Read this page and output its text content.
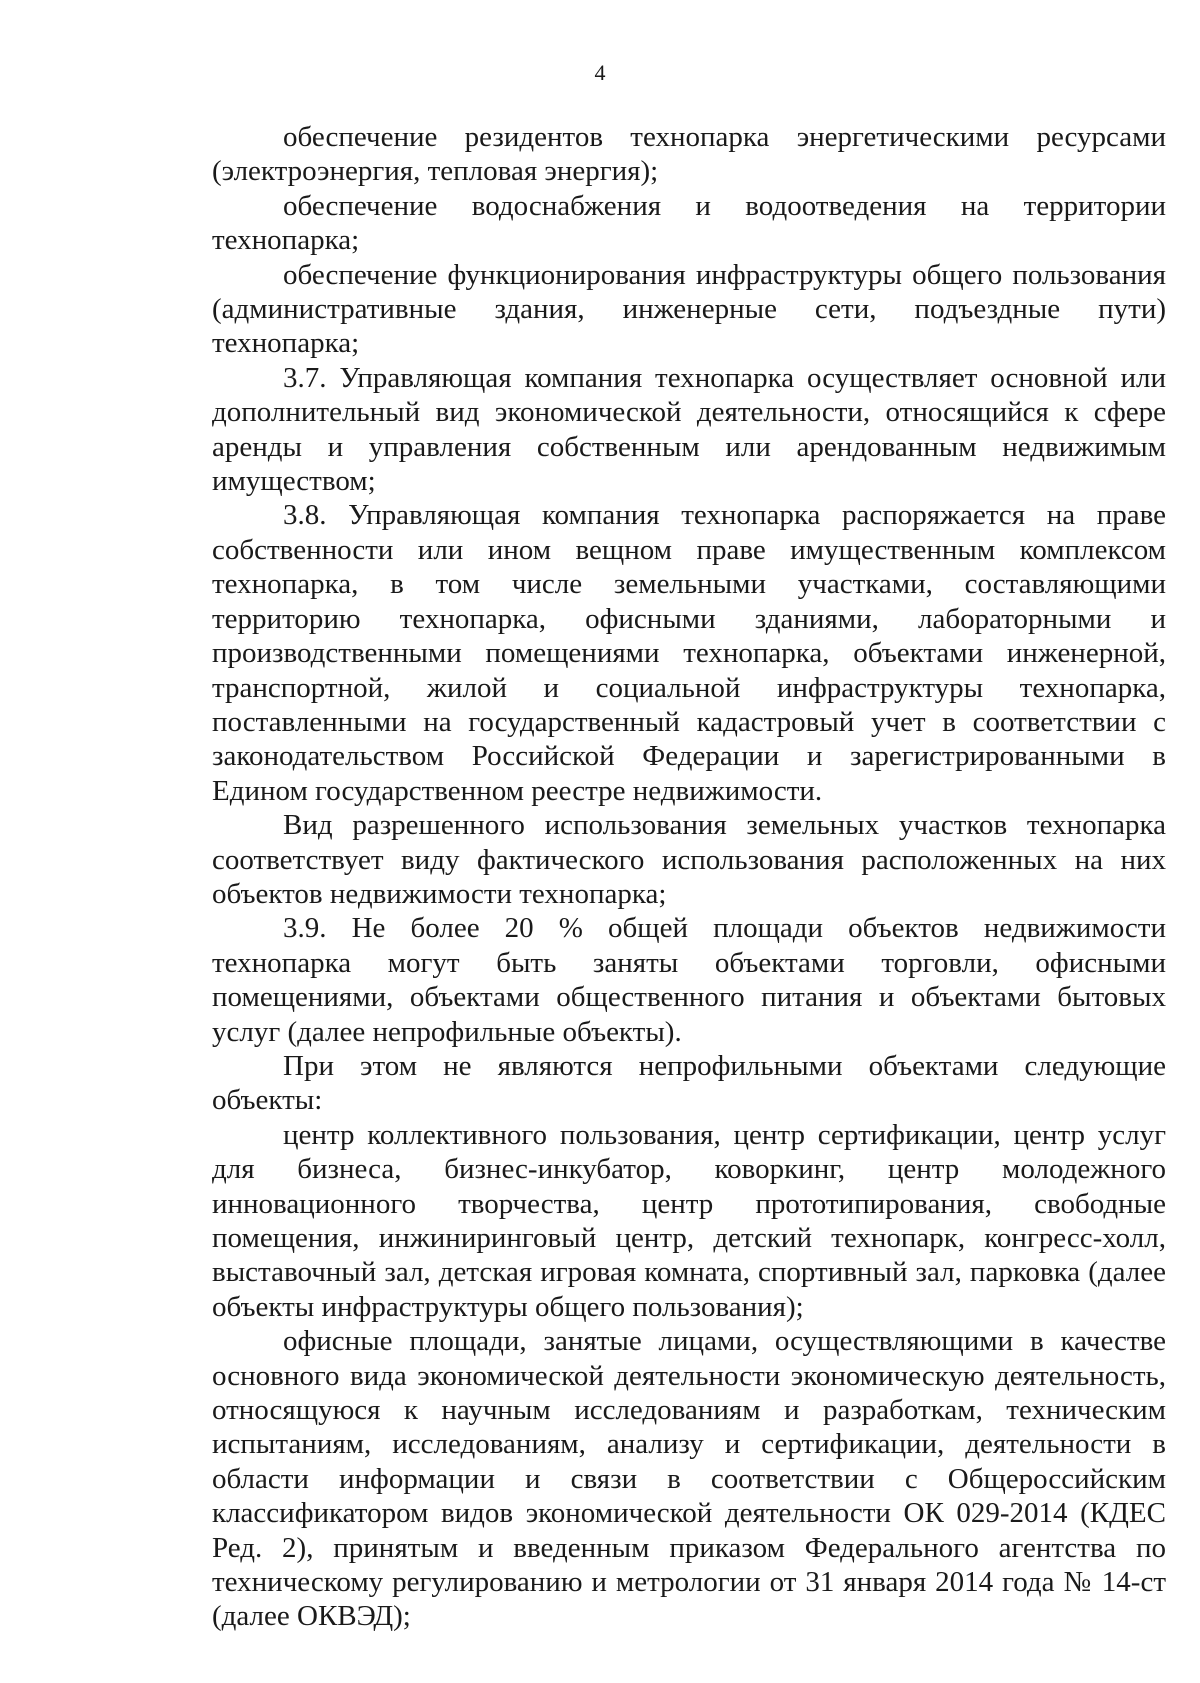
4

обеспечение резидентов технопарка энергетическими ресурсами (электроэнергия, тепловая энергия);

обеспечение водоснабжения и водоотведения на территории технопарка;

обеспечение функционирования инфраструктуры общего пользования (административные здания, инженерные сети, подъездные пути) технопарка;

3.7. Управляющая компания технопарка осуществляет основной или дополнительный вид экономической деятельности, относящийся к сфере аренды и управления собственным или арендованным недвижимым имуществом;

3.8. Управляющая компания технопарка распоряжается на праве собственности или ином вещном праве имущественным комплексом технопарка, в том числе земельными участками, составляющими территорию технопарка, офисными зданиями, лабораторными и производственными помещениями технопарка, объектами инженерной, транспортной, жилой и социальной инфраструктуры технопарка, поставленными на государственный кадастровый учет в соответствии с законодательством Российской Федерации и зарегистрированными в Едином государственном реестре недвижимости.

Вид разрешенного использования земельных участков технопарка соответствует виду фактического использования расположенных на них объектов недвижимости технопарка;

3.9. Не более 20 % общей площади объектов недвижимости технопарка могут быть заняты объектами торговли, офисными помещениями, объектами общественного питания и объектами бытовых услуг (далее непрофильные объекты).

При этом не являются непрофильными объектами следующие объекты:

центр коллективного пользования, центр сертификации, центр услуг для бизнеса, бизнес-инкубатор, коворкинг, центр молодежного инновационного творчества, центр прототипирования, свободные помещения, инжиниринговый центр, детский технопарк, конгресс-холл, выставочный зал, детская игровая комната, спортивный зал, парковка (далее объекты инфраструктуры общего пользования);

офисные площади, занятые лицами, осуществляющими в качестве основного вида экономической деятельности экономическую деятельность, относящуюся к научным исследованиям и разработкам, техническим испытаниям, исследованиям, анализу и сертификации, деятельности в области информации и связи в соответствии с Общероссийским классификатором видов экономической деятельности ОК 029-2014 (КДЕС Ред. 2), принятым и введенным приказом Федерального агентства по техническому регулированию и метрологии от 31 января 2014 года № 14-ст (далее ОКВЭД);
